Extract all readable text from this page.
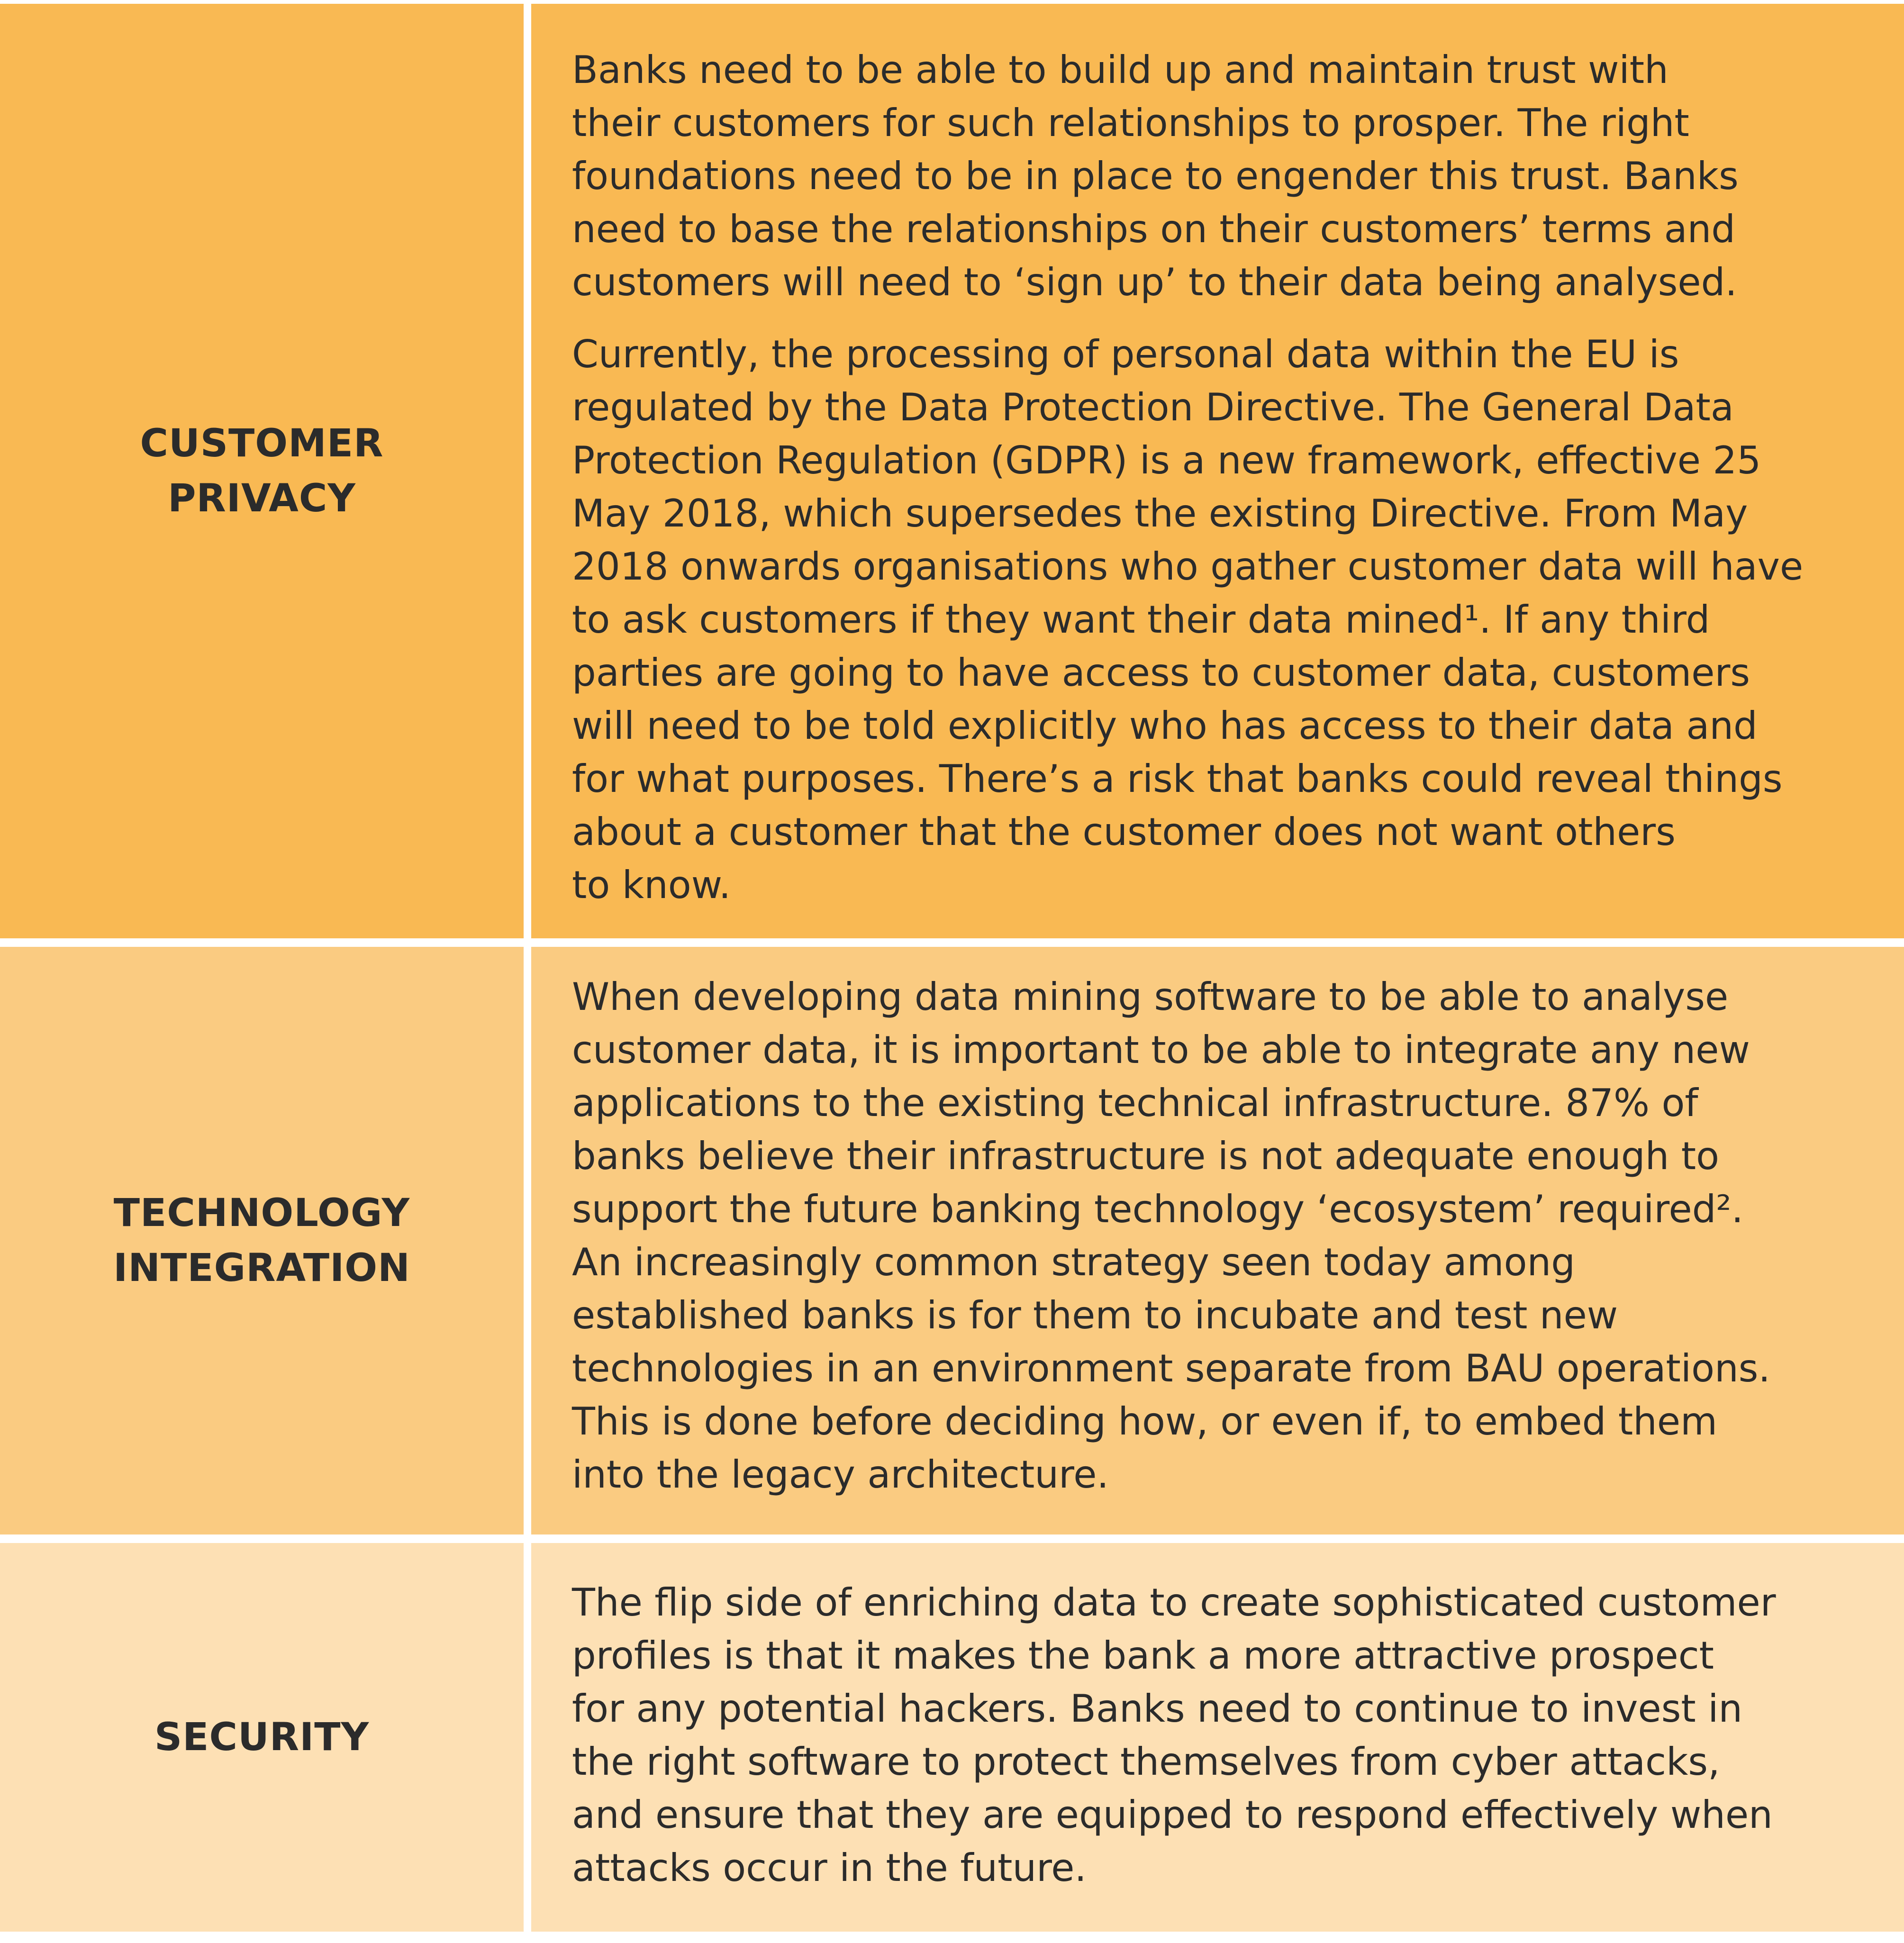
CUSTOMER
PRIVACY

Banks need to be able to build up and maintain trust with
their customers for such relationships to prosper. The right
foundations need to be in place to engender this trust. Banks
need to base the relationships on their customers’ terms and
customers will need to ‘sign up’ to their data being analysed.

Currently, the processing of personal data within the EU is
regulated by the Data Protection Directive. The General Data
Protection Regulation (GDPR) is a new framework, effective 25
May 2018, which supersedes the existing Directive. From May
2018 onwards organisations who gather customer data will have
to ask customers if they want their data mined¹. If any third
parties are going to have access to customer data, customers
will need to be told explicitly who has access to their data and
for what purposes. There’s a risk that banks could reveal things
about a customer that the customer does not want others
to know.

TECHNOLOGY
INTEGRATION

When developing data mining software to be able to analyse
customer data, it is important to be able to integrate any new
applications to the existing technical infrastructure. 87% of
banks believe their infrastructure is not adequate enough to
support the future banking technology ‘ecosystem’ required².
An increasingly common strategy seen today among
established banks is for them to incubate and test new
technologies in an environment separate from BAU operations.
This is done before deciding how, or even if, to embed them
into the legacy architecture.

SECURITY

The flip side of enriching data to create sophisticated customer
profiles is that it makes the bank a more attractive prospect
for any potential hackers. Banks need to continue to invest in
the right software to protect themselves from cyber attacks,
and ensure that they are equipped to respond effectively when
attacks occur in the future.
